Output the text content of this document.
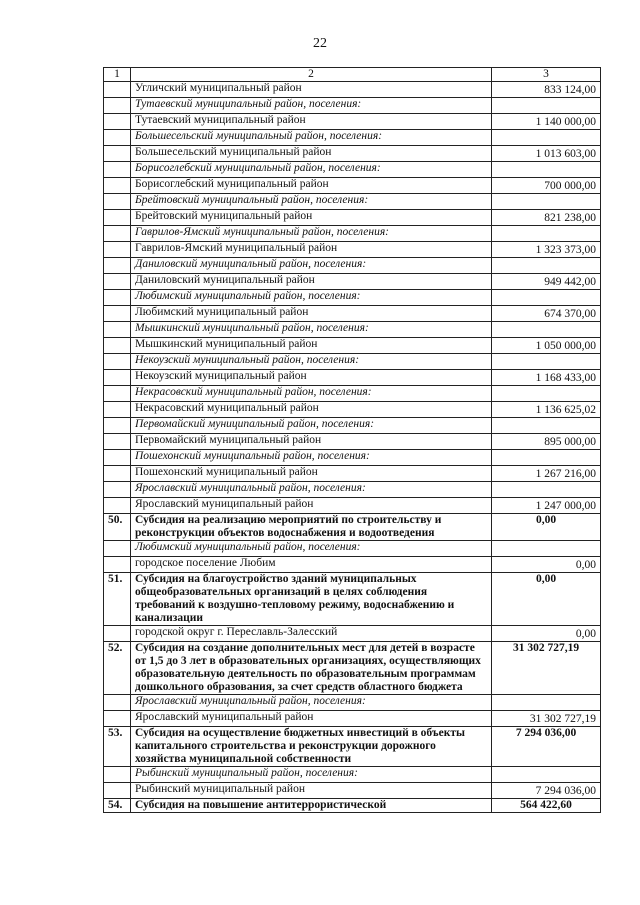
22
1	2	3
	Угличский муниципальный район	833 124,00
	Тутаевский муниципальный район, поселения:	
	Тутаевский муниципальный район	1 140 000,00
	Большесельский муниципальный район, поселения:	
	Большесельский муниципальный район	1 013 603,00
	Борисоглебский муниципальный район, поселения:	
	Борисоглебский муниципальный район	700 000,00
	Брейтовский муниципальный район, поселения:	
	Брейтовский муниципальный район	821 238,00
	Гаврилов-Ямский муниципальный район, поселения:	
	Гаврилов-Ямский муниципальный район	1 323 373,00
	Даниловский муниципальный район, поселения:	
	Даниловский муниципальный район	949 442,00
	Любимский муниципальный район, поселения:	
	Любимский муниципальный район	674 370,00
	Мышкинский муниципальный район, поселения:	
	Мышкинский муниципальный район	1 050 000,00
	Некоузский муниципальный район, поселения:	
	Некоузский муниципальный район	1 168 433,00
	Некрасовский муниципальный район, поселения:	
	Некрасовский муниципальный район	1 136 625,02
	Первомайский муниципальный район, поселения:	
	Первомайский муниципальный район	895 000,00
	Пошехонский муниципальный район, поселения:	
	Пошехонский муниципальный район	1 267 216,00
	Ярославский муниципальный район, поселения:	
	Ярославский муниципальный район	1 247 000,00
50.	Субсидия на реализацию мероприятий по строительству и реконструкции объектов водоснабжения и водоотведения	0,00
	Любимский муниципальный район, поселения:	
	городское поселение Любим	0,00
51.	Субсидия на благоустройство зданий муниципальных общеобразовательных организаций в целях соблюдения требований к воздушно-тепловому режиму, водоснабжению и канализации	0,00
	городской округ г. Переславль-Залесский	0,00
52.	Субсидия на создание дополнительных мест для детей в возрасте от 1,5 до 3 лет в образовательных организациях, осуществляющих образовательную деятельность по образовательным программам дошкольного образования, за счет средств областного бюджета	31 302 727,19
	Ярославский муниципальный район, поселения:	
	Ярославский муниципальный район	31 302 727,19
53.	Субсидия на осуществление бюджетных инвестиций в объекты капитального строительства и реконструкции дорожного хозяйства муниципальной собственности	7 294 036,00
	Рыбинский муниципальный район, поселения:	
	Рыбинский муниципальный район	7 294 036,00
54.	Субсидия на повышение антитеррористической	564 422,60
